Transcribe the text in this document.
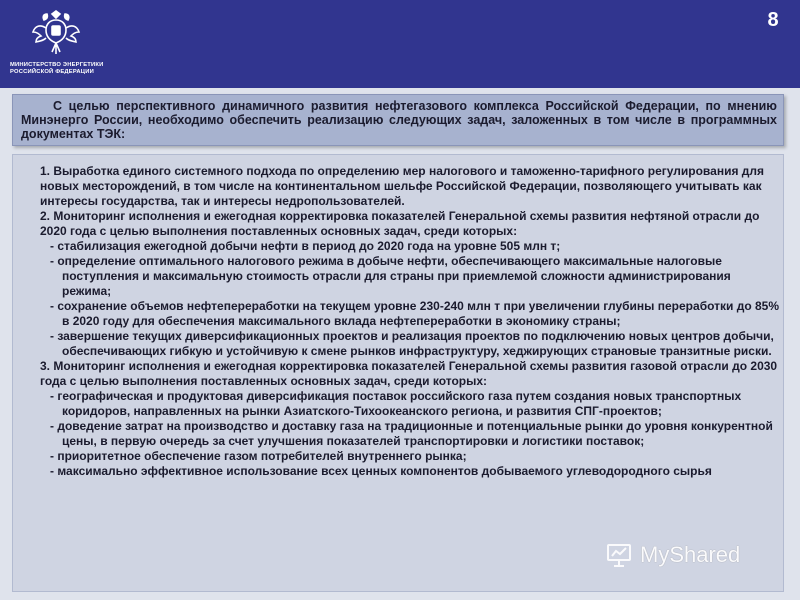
МИНИСТЕРСТВО ЭНЕРГЕТИКИ
РОССИЙСКОЙ ФЕДЕРАЦИИ
8
С целью перспективного динамичного развития нефтегазового комплекса Российской Федерации, по мнению Минэнерго России, необходимо обеспечить реализацию следующих задач, заложенных в том числе в программных документах ТЭК:

1. Выработка единого системного подхода по определению мер налогового и таможенно-тарифного регулирования для новых месторождений, в том числе на континентальном шельфе Российской Федерации, позволяющего учитывать как интересы государства, так и интересы недропользователей.

2. Мониторинг исполнения и ежегодная корректировка показателей Генеральной схемы развития нефтяной отрасли до 2020 года с целью выполнения поставленных основных задач, среди которых:

- стабилизация ежегодной добычи нефти в период до 2020 года на уровне 505 млн т;

- определение оптимального налогового режима в добыче нефти, обеспечивающего максимальные налоговые поступления и максимальную стоимость отрасли для страны при приемлемой сложности администрирования режима;

- сохранение объемов нефтепереработки на текущем уровне 230-240 млн т при увеличении глубины переработки до 85% в 2020 году для обеспечения максимального вклада нефтепереработки в экономику страны;

- завершение текущих диверсификационных проектов и реализация проектов по подключению новых центров добычи, обеспечивающих гибкую и устойчивую к смене рынков инфраструктуру, хеджирующих страновые транзитные риски.

3. Мониторинг исполнения и ежегодная корректировка показателей Генеральной схемы развития газовой отрасли до 2030 года с целью выполнения поставленных основных задач, среди которых:

- географическая и продуктовая диверсификация поставок российского газа путем создания новых транспортных коридоров, направленных на рынки Азиатского-Тихоокеанского региона, и развития СПГ-проектов;

- доведение затрат на производство и доставку газа на традиционные и потенциальные рынки до уровня конкурентной цены, в первую очередь за счет улучшения показателей транспортировки и логистики поставок;

- приоритетное обеспечение газом потребителей внутреннего рынка;

- максимально эффективное использование всех ценных компонентов добываемого углеводородного сырья

MyShared
